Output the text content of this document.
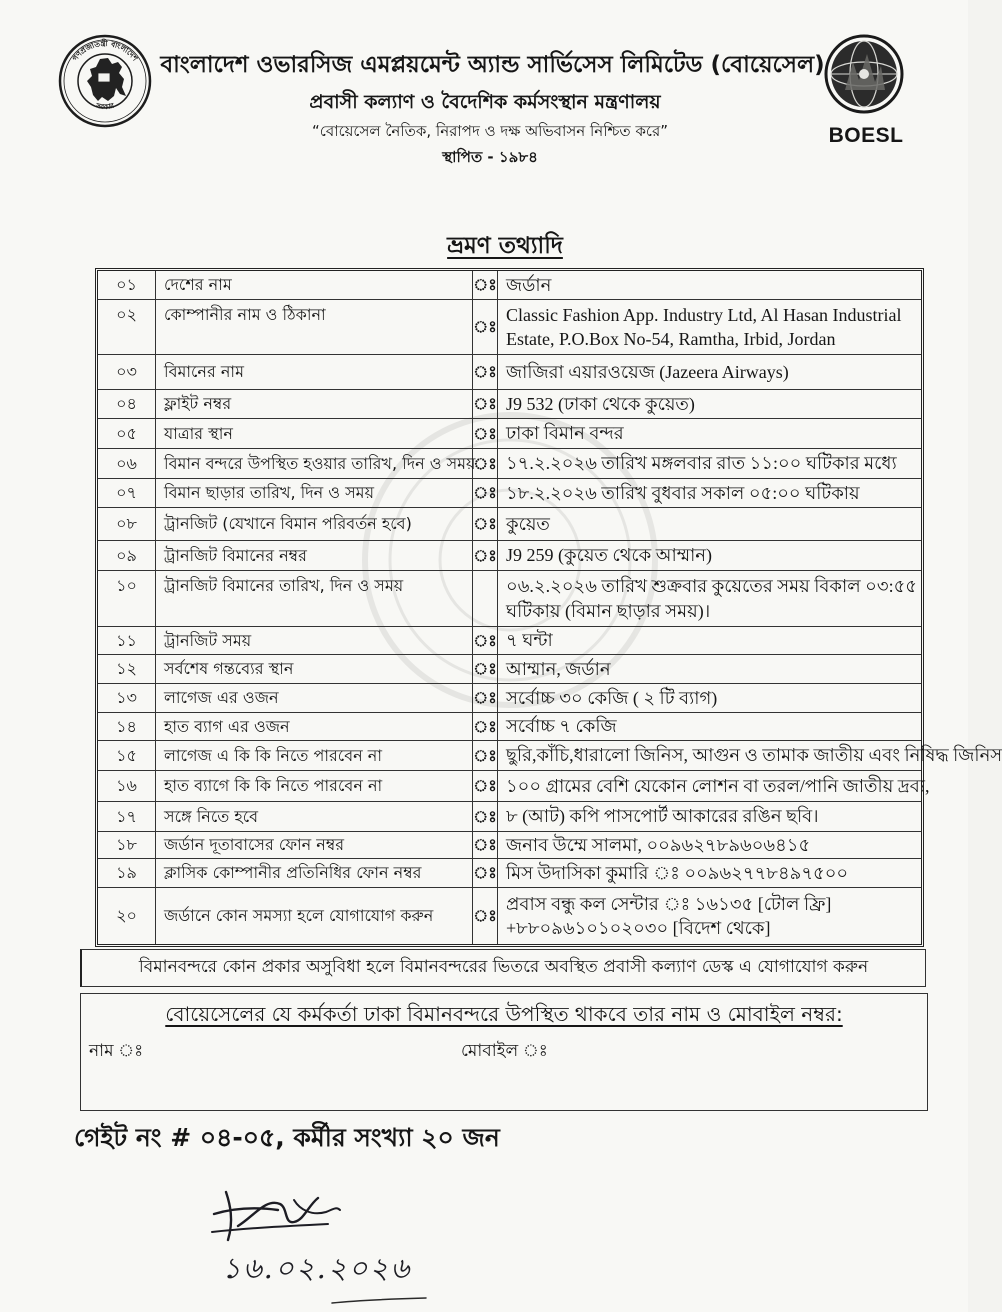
গণপ্রজাতন্ত্রী বাংলাদেশ
সরকার
বাংলাদেশ ওভারসিজ এমপ্লয়মেন্ট অ্যান্ড সার্ভিসেস লিমিটেড (বোয়েসেল)
প্রবাসী কল্যাণ ও বৈদেশিক কর্মসংস্থান মন্ত্রণালয়
“বোয়েসেল নৈতিক, নিরাপদ ও দক্ষ অভিবাসন নিশ্চিত করে”
স্থাপিত - ১৯৮৪
BOESL
ভ্রমণ তথ্যাদি
০১	দেশের নাম	ঃ জর্ডান
০২	কোম্পানীর নাম ও ঠিকানা
ঃ
Classic Fashion App. Industry Ltd, Al Hasan Industrial
Estate, P.O.Box No-54, Ramtha, Irbid, Jordan
০৩	বিমানের নাম	ঃ জাজিরা এয়ারওয়েজ (Jazeera Airways)
০৪	ফ্লাইট নম্বর	ঃ J9 532 (ঢাকা থেকে কুয়েত)
০৫	যাত্রার স্থান	ঃ ঢাকা বিমান বন্দর
০৬	বিমান বন্দরে উপস্থিত হওয়ার তারিখ, দিন ও সময়
ঃ ১৭.২.২০২৬ তারিখ মঙ্গলবার রাত ১১:০০ ঘটিকার মধ্যে
০৭	বিমান ছাড়ার তারিখ, দিন ও সময়	ঃ ১৮.২.২০২৬ তারিখ বুধবার সকাল ০৫:০০ ঘটিকায়
০৮	ট্রানজিট (যেখানে বিমান পরিবর্তন হবে)	ঃ কুয়েত
০৯	ট্রানজিট বিমানের নম্বর	ঃ J9 259 (কুয়েত থেকে আম্মান)
১০	ট্রানজিট বিমানের তারিখ, দিন ও সময়	০৬.২.২০২৬ তারিখ শুক্রবার কুয়েতের সময় বিকাল ০৩:৫৫
ঘটিকায় (বিমান ছাড়ার সময়)।
১১	ট্রানজিট সময়	ঃ ৭ ঘন্টা
১২	সর্বশেষ গন্তব্যের স্থান	ঃ আম্মান, জর্ডান
১৩	লাগেজ এর ওজন	ঃ সর্বোচ্চ ৩০ কেজি ( ২ টি ব্যাগ)
১৪	হাত ব্যাগ এর ওজন	ঃ সর্বোচ্চ ৭ কেজি
১৫	লাগেজ এ কি কি নিতে পারবেন না	ঃ ছুরি,কাঁচি,ধারালো জিনিস, আগুন ও তামাক জাতীয় এবং নিষিদ্ধ জিনিস
১৬	হাত ব্যাগে কি কি নিতে পারবেন না	ঃ ১০০ গ্রামের বেশি যেকোন লোশন বা তরল/পানি জাতীয় দ্রব্য,
১৭	সঙ্গে নিতে হবে	ঃ ৮ (আট) কপি পাসপোর্ট আকারের রঙিন ছবি।
১৮	জর্ডান দূতাবাসের ফোন নম্বর	ঃ জনাব উম্মে সালমা, ০০৯৬২৭৮৯৬০৬৪১৫
১৯	ক্লাসিক কোম্পানীর প্রতিনিধির ফোন নম্বর	ঃ মিস উদাসিকা কুমারি ঃ ০০৯৬২৭৭৮৪৯৭৫০০
২০	জর্ডানে কোন সমস্যা হলে যোগাযোগ করুন	ঃ
প্রবাস বন্ধু কল সেন্টার ঃ ১৬১৩৫ [টোল ফ্রি]
+৮৮০৯৬১০১০২০৩০ [বিদেশ থেকে]
বিমানবন্দরে কোন প্রকার অসুবিধা হলে বিমানবন্দরের ভিতরে অবস্থিত প্রবাসী কল্যাণ ডেস্ক এ যোগাযোগ করুন
বোয়েসেলের যে কর্মকর্তা ঢাকা বিমানবন্দরে উপস্থিত থাকবে তার নাম ও মোবাইল নম্বর:
নাম ঃ	মোবাইল ঃ
গেইট নং # ০৪-০৫, কর্মীর সংখ্যা ২০ জন
১৬.০২.২০২৬
